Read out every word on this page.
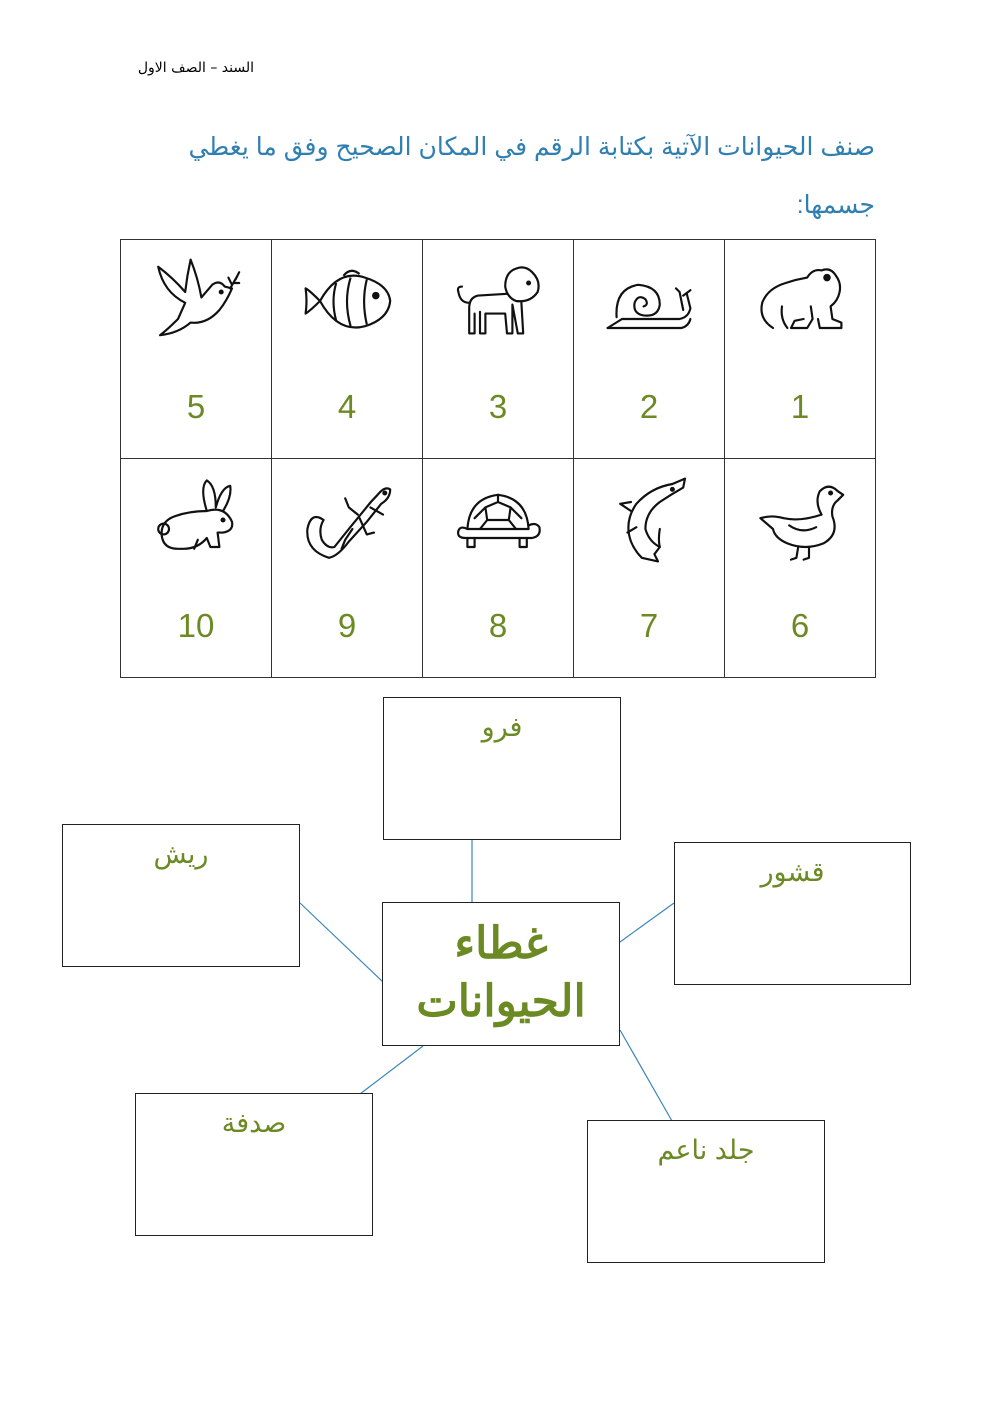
السند – الصف الاول
صنف الحيوانات الآتية بكتابة الرقم في المكان الصحيح وفق ما يغطي جسمها:
5	4	3	2	1

10	9	8	7	6
فرو
ريش
قشور
غطاء
الحيوانات
صدفة
جلد ناعم
